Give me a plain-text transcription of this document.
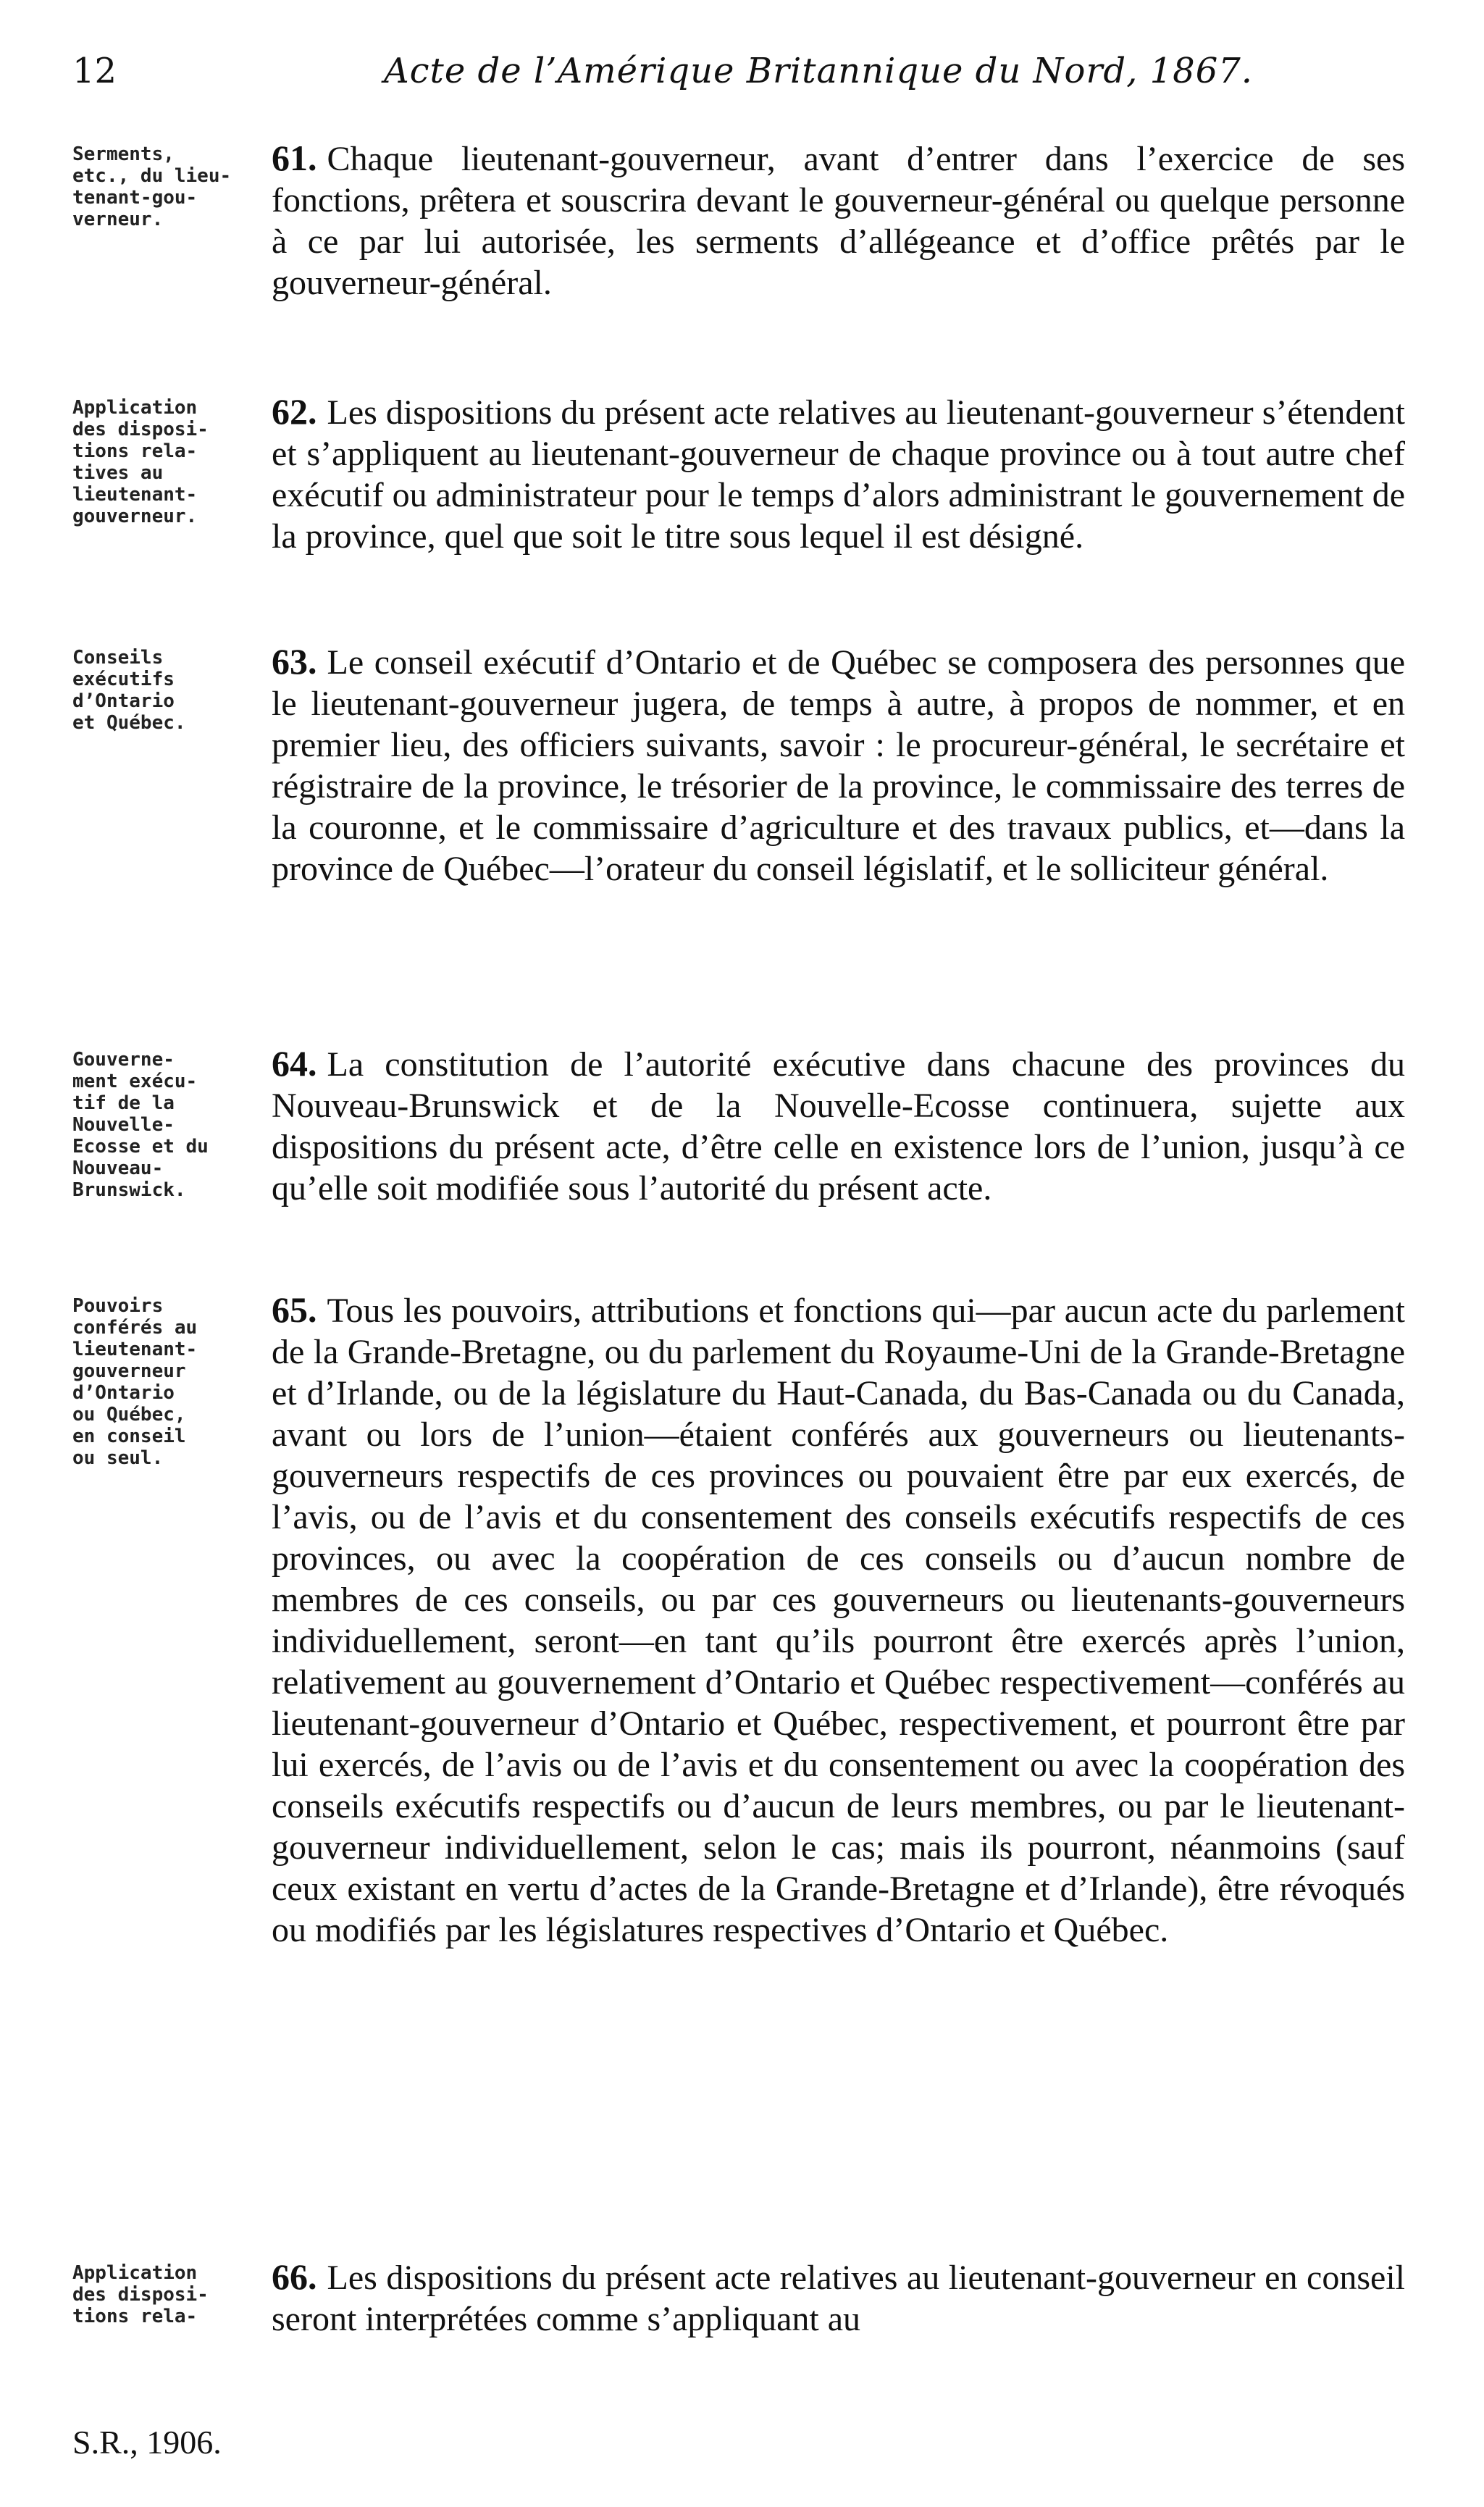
12	Acte de l’Amérique Britannique du Nord, 1867.
Serments,
etc., du lieu-
tenant-gou-
verneur.
61. Chaque lieutenant-gouverneur, avant d’entrer dans l’exercice de ses fonctions, prêtera et souscrira devant le gouverneur-général ou quelque personne à ce par lui autorisée, les serments d’allégeance et d’office prêtés par le gouverneur-général.
Application
des disposi-
tions rela-
tives au
lieutenant-
gouverneur.
62. Les dispositions du présent acte relatives au lieutenant-gouverneur s’étendent et s’appliquent au lieutenant-gouverneur de chaque province ou à tout autre chef exécutif ou administrateur pour le temps d’alors administrant le gouvernement de la province, quel que soit le titre sous lequel il est désigné.
Conseils
exécutifs
d’Ontario
et Québec.
63. Le conseil exécutif d’Ontario et de Québec se composera des personnes que le lieutenant-gouverneur jugera, de temps à autre, à propos de nommer, et en premier lieu, des officiers suivants, savoir : le procureur-général, le secrétaire et régistraire de la province, le trésorier de la province, le commissaire des terres de la couronne, et le commissaire d’agriculture et des travaux publics, et—dans la province de Québec—l’orateur du conseil législatif, et le solliciteur général.
Gouverne-
ment exécu-
tif de la
Nouvelle-
Ecosse et du
Nouveau-
Brunswick.
64. La constitution de l’autorité exécutive dans chacune des provinces du Nouveau-Brunswick et de la Nouvelle-Ecosse continuera, sujette aux dispositions du présent acte, d’être celle en existence lors de l’union, jusqu’à ce qu’elle soit modifiée sous l’autorité du présent acte.
Pouvoirs
conférés au
lieutenant-
gouverneur
d’Ontario
ou Québec,
en conseil
ou seul.
65. Tous les pouvoirs, attributions et fonctions qui—par aucun acte du parlement de la Grande-Bretagne, ou du parlement du Royaume-Uni de la Grande-Bretagne et d’Irlande, ou de la législature du Haut-Canada, du Bas-Canada ou du Canada, avant ou lors de l’union—étaient conférés aux gouverneurs ou lieutenants-gouverneurs respectifs de ces provinces ou pouvaient être par eux exercés, de l’avis, ou de l’avis et du consentement des conseils exécutifs respectifs de ces provinces, ou avec la coopération de ces conseils ou d’aucun nombre de membres de ces conseils, ou par ces gouverneurs ou lieutenants-gouverneurs individuellement, seront—en tant qu’ils pourront être exercés après l’union, relativement au gouvernement d’Ontario et Québec respectivement—conférés au lieutenant-gouverneur d’Ontario et Québec, respectivement, et pourront être par lui exercés, de l’avis ou de l’avis et du consentement ou avec la coopération des conseils exécutifs respectifs ou d’aucun de leurs membres, ou par le lieutenant-gouverneur individuellement, selon le cas; mais ils pourront, néanmoins (sauf ceux existant en vertu d’actes de la Grande-Bretagne et d’Irlande), être révoqués ou modifiés par les législatures respectives d’Ontario et Québec.
Application
des disposi-
tions rela-
66. Les dispositions du présent acte relatives au lieutenant-gouverneur en conseil seront interprétées comme s’appliquant au
S.R., 1906.
